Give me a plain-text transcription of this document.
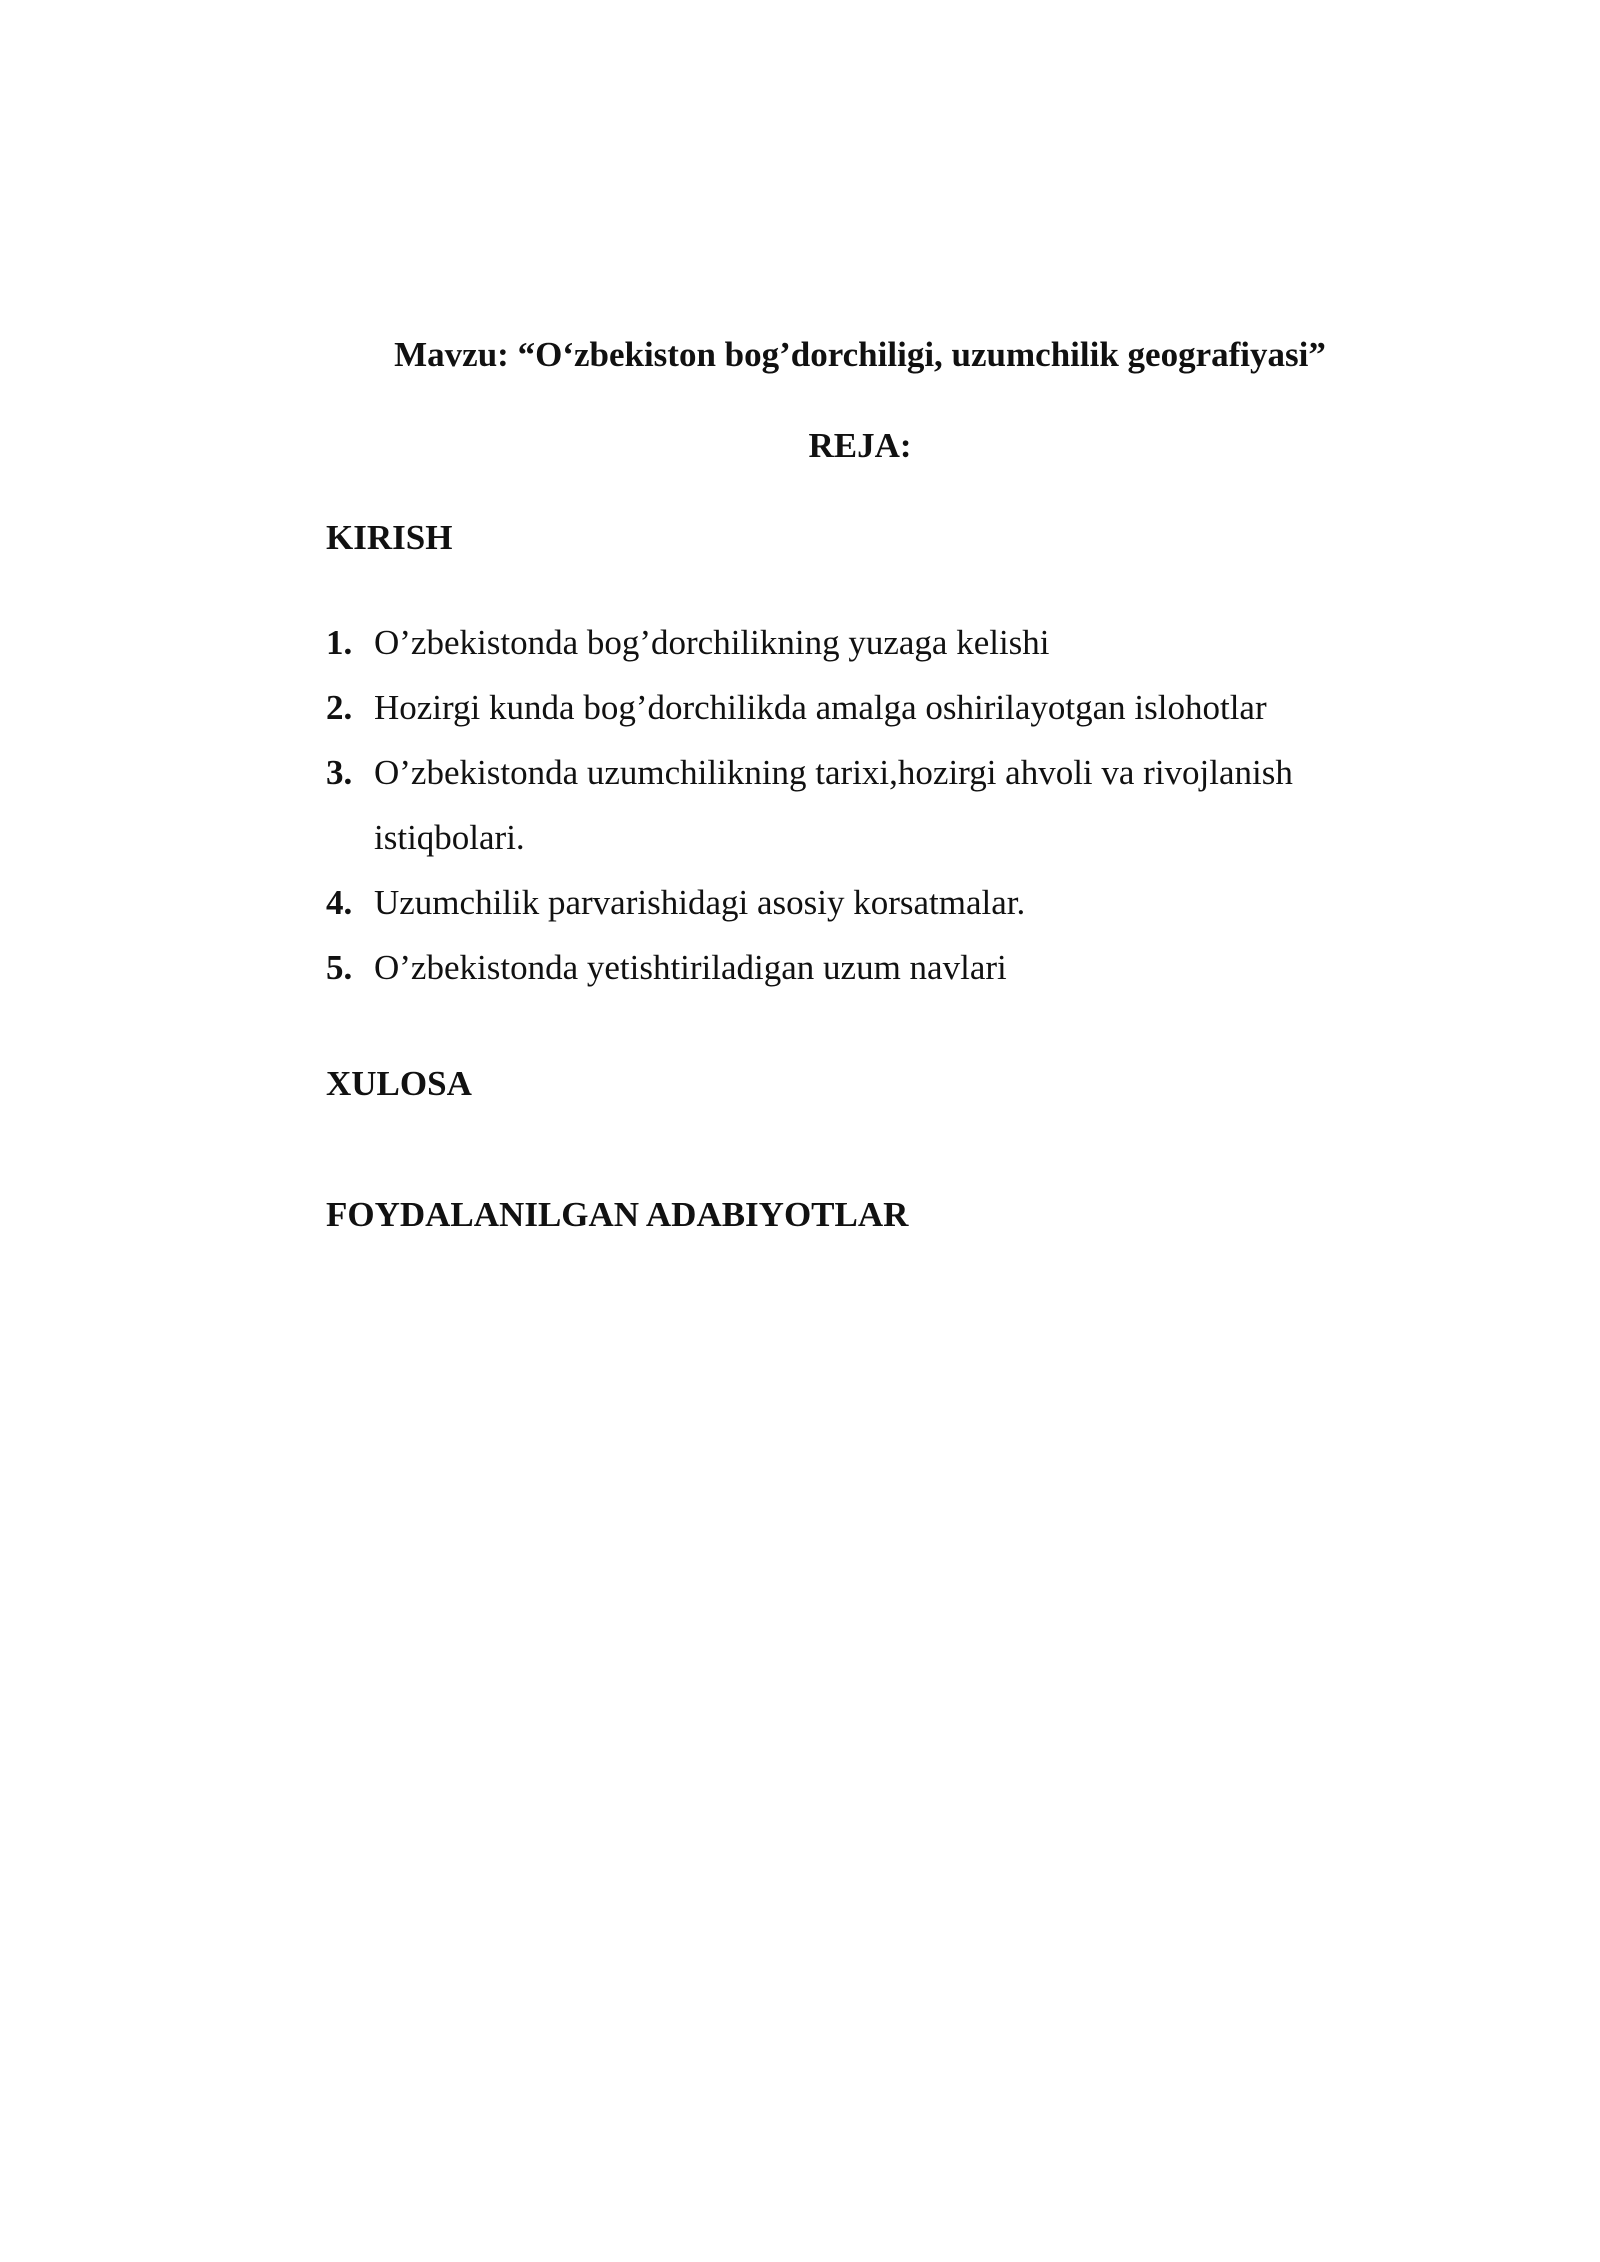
Mavzu: “O‘zbekiston bog’dorchiligi, uzumchilik geografiyasi”
REJA:
KIRISH
1. O’zbekistonda bog’dorchilikning yuzaga kelishi
2. Hozirgi kunda bog’dorchilikda amalga oshirilayotgan islohotlar
3. O’zbekistonda uzumchilikning tarixi,hozirgi ahvoli va rivojlanish istiqbolari.
4. Uzumchilik parvarishidagi asosiy korsatmalar.
5. O’zbekistonda yetishtiriladigan uzum navlari
XULOSA
FOYDALANILGAN ADABIYOTLAR
